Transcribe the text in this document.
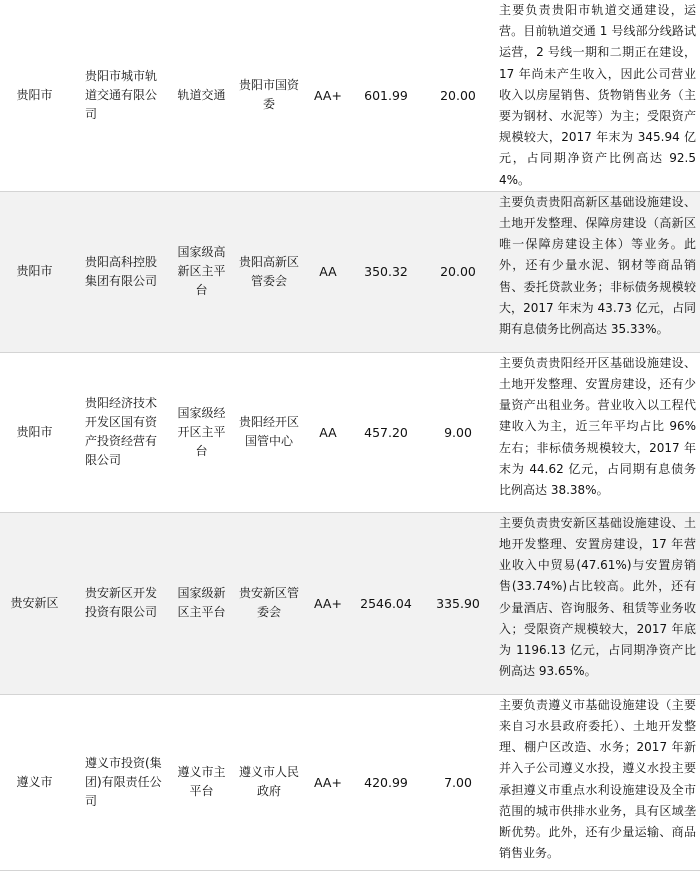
贵阳市	贵阳市城市轨道交通有限公司	轨道交通	贵阳市国资委	AA+	601.99	20.00	主要负责贵阳市轨道交通建设，运营。目前轨道交通 1 号线部分线路试运营，2 号线一期和二期正在建设，17 年尚未产生收入，因此公司营业收入以房屋销售、货物销售业务（主要为钢材、水泥等）为主；受限资产规模较大，2017 年末为 345.94 亿元，占同期净资产比例高达 92.54%。
贵阳市	贵阳高科控股集团有限公司	国家级高新区主平台	贵阳高新区管委会	AA	350.32	20.00	主要负责贵阳高新区基础设施建设、土地开发整理、保障房建设（高新区唯一保障房建设主体）等业务。此外，还有少量水泥、钢材等商品销售、委托贷款业务；非标债务规模较大，2017 年末为 43.73 亿元，占同期有息债务比例高达 35.33%。
贵阳市	贵阳经济技术开发区国有资产投资经营有限公司	国家级经开区主平台	贵阳经开区国管中心	AA	457.20	9.00	主要负责贵阳经开区基础设施建设、土地开发整理、安置房建设，还有少量资产出租业务。营业收入以工程代建收入为主，近三年平均占比 96%左右；非标债务规模较大，2017 年末为 44.62 亿元，占同期有息债务比例高达 38.38%。
贵安新区	贵安新区开发投资有限公司	国家级新区主平台	贵安新区管委会	AA+	2546.04	335.90	主要负责贵安新区基础设施建设、土地开发整理、安置房建设，17 年营业收入中贸易(47.61%)与安置房销售(33.74%)占比较高。此外，还有少量酒店、咨询服务、租赁等业务收入；受限资产规模较大，2017 年底为 1196.13 亿元，占同期净资产比例高达 93.65%。
遵义市	遵义市投资(集团)有限责任公司	遵义市主平台	遵义市人民政府	AA+	420.99	7.00	主要负责遵义市基础设施建设（主要来自习水县政府委托）、土地开发整理、棚户区改造、水务；2017 年新并入子公司遵义水投，遵义水投主要承担遵义市重点水利设施建设及全市范围的城市供排水业务，具有区域垄断优势。此外，还有少量运输、商品销售业务。
